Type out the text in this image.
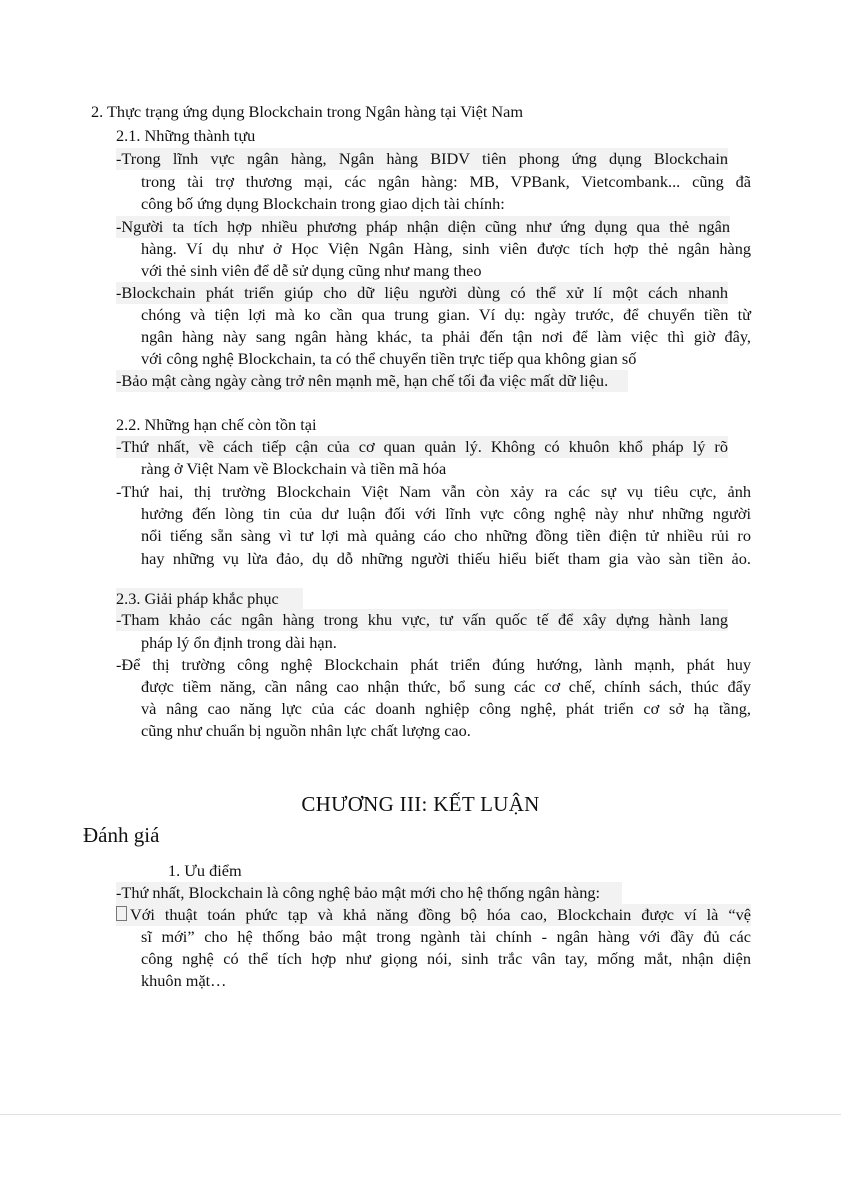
2. Thực trạng ứng dụng Blockchain trong Ngân hàng tại Việt Nam
2.1. Những thành tựu
-Trong lĩnh vực ngân hàng, Ngân hàng BIDV tiên phong ứng dụng Blockchain
trong tài trợ thương mại, các ngân hàng: MB, VPBank, Vietcombank... cũng đã
công bố ứng dụng Blockchain trong giao dịch tài chính:
-Người ta tích hợp nhiều phương pháp nhận diện cũng như ứng dụng qua thẻ ngân
hàng. Ví dụ như ở Học Viện Ngân Hàng, sinh viên được tích hợp thẻ ngân hàng
với thẻ sinh viên để dễ sử dụng cũng như mang theo
-Blockchain phát triển giúp cho dữ liệu người dùng có thể xử lí một cách nhanh
chóng và tiện lợi mà ko cần qua trung gian. Ví dụ: ngày trước, để chuyển tiền từ
ngân hàng này sang ngân hàng khác, ta phải đến tận nơi để làm việc thì giờ đây,
với công nghệ Blockchain, ta có thể chuyển tiền trực tiếp qua không gian số
-Bảo mật càng ngày càng trở nên mạnh mẽ, hạn chế tối đa việc mất dữ liệu.
2.2. Những hạn chế còn tồn tại
-Thứ nhất, về cách tiếp cận của cơ quan quản lý. Không có khuôn khổ pháp lý rõ
ràng ở Việt Nam về Blockchain và tiền mã hóa
-Thứ hai, thị trường Blockchain Việt Nam vẫn còn xảy ra các sự vụ tiêu cực, ảnh
hưởng đến lòng tin của dư luận đối với lĩnh vực công nghệ này như những người
nổi tiếng sẵn sàng vì tư lợi mà quảng cáo cho những đồng tiền điện tử nhiều rủi ro
hay những vụ lừa đảo, dụ dỗ những người thiếu hiểu biết tham gia vào sàn tiền ảo.
2.3. Giải pháp khắc phục
-Tham khảo các ngân hàng trong khu vực, tư vấn quốc tế để xây dựng hành lang
pháp lý ổn định trong dài hạn.
-Để thị trường công nghệ Blockchain phát triển đúng hướng, lành mạnh, phát huy
được tiềm năng, cần nâng cao nhận thức, bổ sung các cơ chế, chính sách, thúc đẩy
và nâng cao năng lực của các doanh nghiệp công nghệ, phát triển cơ sở hạ tầng,
cũng như chuẩn bị nguồn nhân lực chất lượng cao.
CHƯƠNG III: KẾT LUẬN
Đánh giá
1. Ưu điểm
-Thứ nhất, Blockchain là công nghệ bảo mật mới cho hệ thống ngân hàng:
Với thuật toán phức tạp và khả năng đồng bộ hóa cao, Blockchain được ví là “vệ
sĩ mới” cho hệ thống bảo mật trong ngành tài chính - ngân hàng với đầy đủ các
công nghệ có thể tích hợp như giọng nói, sinh trắc vân tay, mống mắt, nhận diện
khuôn mặt…
